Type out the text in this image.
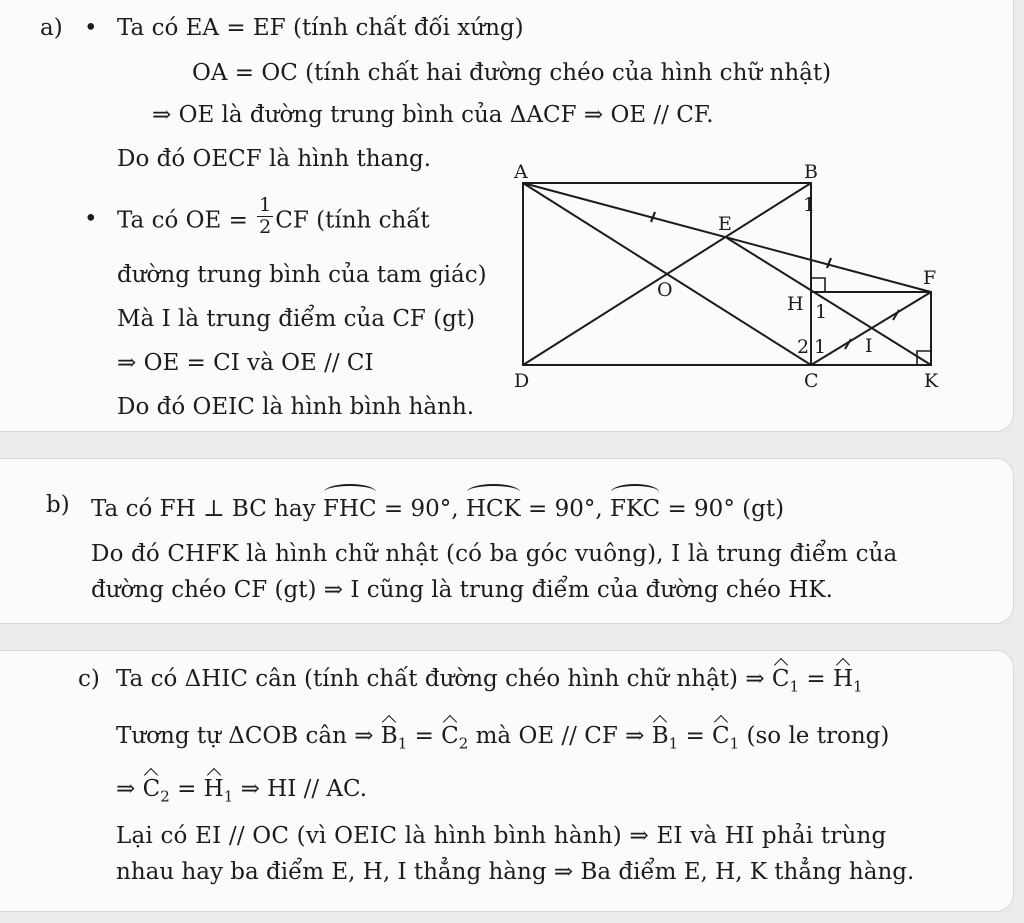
a) • Ta có EA = EF (tính chất đối xứng)
OA = OC (tính chất hai đường chéo của hình chữ nhật)
⇒ OE là đường trung bình của ΔACF ⇒ OE // CF.
Do đó OECF là hình thang.
• Ta có OE = $\frac{1}{2}$ CF (tính chất
đường trung bình của tam giác)
Mà I là trung điểm của CF (gt)
⇒ OE = CI và OE // CI
Do đó OEIC là hình bình hành.
A	B
1
E
F
O
H 1
2 1 I
D	C	K
b) Ta có FH ⊥ BC hay FHC = 90°, HCK = 90°, FKC = 90° (gt)
Do đó CHFK là hình chữ nhật (có ba góc vuông), I là trung điểm của
đường chéo CF (gt) ⇒ I cũng là trung điểm của đường chéo HK.
c) Ta có ΔHIC cân (tính chất đường chéo hình chữ nhật) ⇒ $C_1 = H_1$
Tương tự ΔCOB cân ⇒ $B_1 = C_2$ mà OE // CF ⇒ $B_1 = C_1$ (so le trong)
⇒ $C_2 = H_1$ ⇒ HI // AC.
Lại có EI // OC (vì OEIC là hình bình hành) ⇒ EI và HI phải trùng
nhau hay ba điểm E, H, I thẳng hàng ⇒ Ba điểm E, H, K thẳng hàng.
